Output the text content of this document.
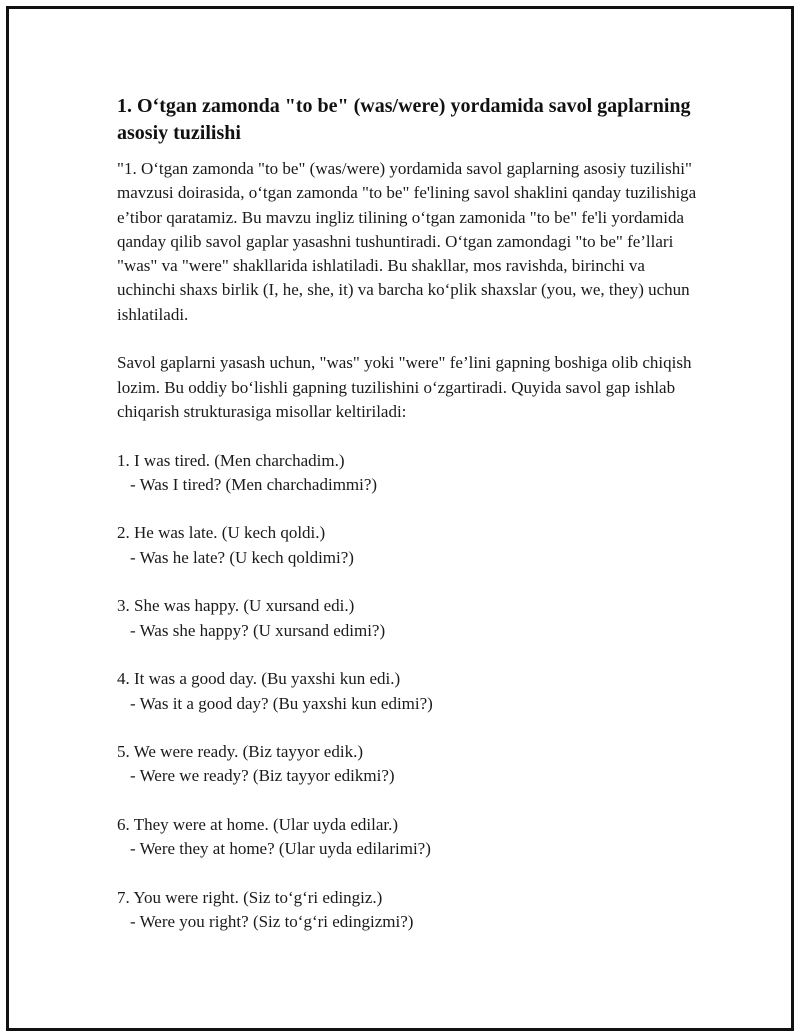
1. O‘tgan zamonda "to be" (was/were) yordamida savol gaplarning asosiy tuzilishi

"1. O‘tgan zamonda "to be" (was/were) yordamida savol gaplarning asosiy tuzilishi" mavzusi doirasida, o‘tgan zamonda "to be" fe'lining savol shaklini qanday tuzilishiga e’tibor qaratamiz. Bu mavzu ingliz tilining o‘tgan zamonida "to be" fe'li yordamida qanday qilib savol gaplar yasashni tushuntiradi. O‘tgan zamondagi "to be" fe’llari "was" va "were" shakllarida ishlatiladi. Bu shakllar, mos ravishda, birinchi va uchinchi shaxs birlik (I, he, she, it) va barcha ko‘plik shaxslar (you, we, they) uchun ishlatiladi.

Savol gaplarni yasash uchun, "was" yoki "were" fe’lini gapning boshiga olib chiqish lozim. Bu oddiy bo‘lishli gapning tuzilishini o‘zgartiradi. Quyida savol gap ishlab chiqarish strukturasiga misollar keltiriladi:

1. I was tired. (Men charchadim.)
- Was I tired? (Men charchadimmi?)
2. He was late. (U kech qoldi.)
- Was he late? (U kech qoldimi?)
3. She was happy. (U xursand edi.)
- Was she happy? (U xursand edimi?)
4. It was a good day. (Bu yaxshi kun edi.)
- Was it a good day? (Bu yaxshi kun edimi?)
5. We were ready. (Biz tayyor edik.)
- Were we ready? (Biz tayyor edikmi?)
6. They were at home. (Ular uyda edilar.)
- Were they at home? (Ular uyda edilarimi?)
7. You were right. (Siz to‘g‘ri edingiz.)
- Were you right? (Siz to‘g‘ri edingizmi?)
